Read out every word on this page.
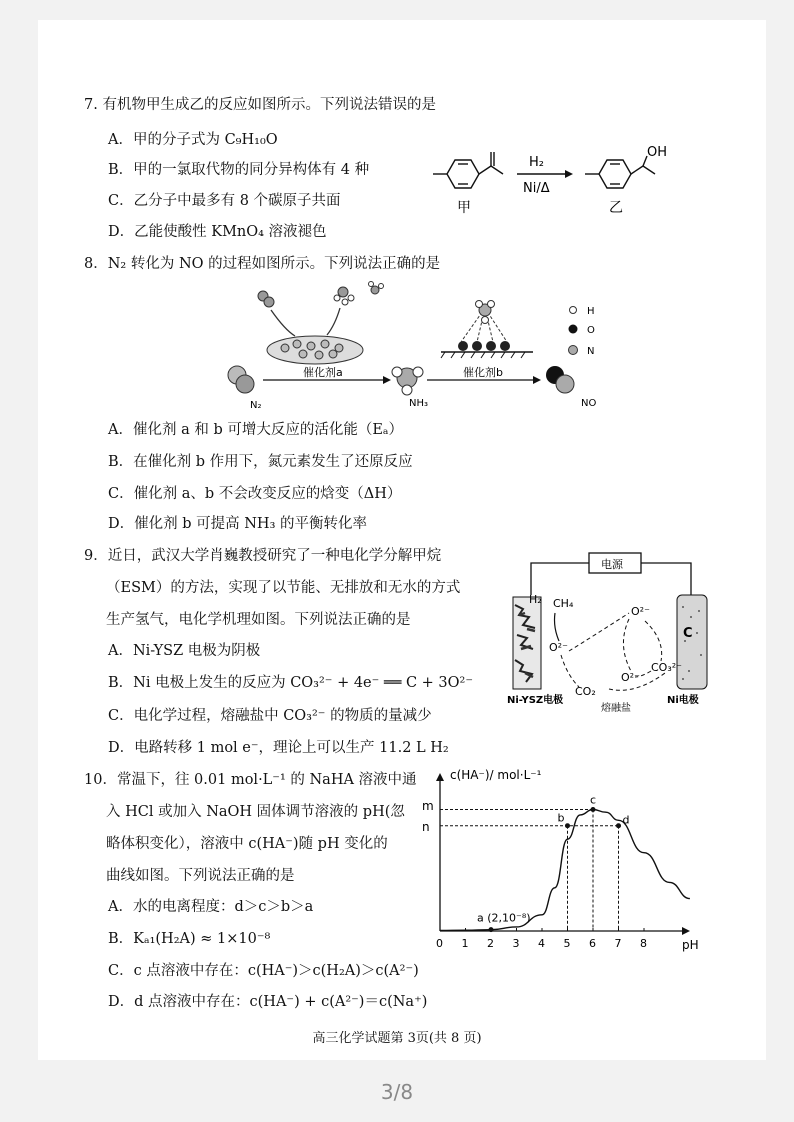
7. 有机物甲生成乙的反应如图所示。下列说法错误的是
A．甲的分子式为 C₉H₁₀O
B．甲的一氯取代物的同分异构体有 4 种
C．乙分子中最多有 8 个碳原子共面
D．乙能使酸性 KMnO₄ 溶液褪色
H₂
Ni/Δ
OH
甲	乙
8．N₂ 转化为 NO 的过程如图所示。下列说法正确的是
N₂
催化剂a
NH₃
催化剂b
NO
H
O
N
A．催化剂 a 和 b 可增大反应的活化能（Eₐ）
B．在催化剂 b 作用下，氮元素发生了还原反应
C．催化剂 a、b 不会改变反应的焓变（ΔH）
D．催化剂 b 可提高 NH₃ 的平衡转化率
9．近日，武汉大学肖巍教授研究了一种电化学分解甲烷
（ESM）的方法，实现了以节能、无排放和无水的方式
生产氢气，电化学机理如图。下列说法正确的是
A．Ni-YSZ 电极为阴极
B．Ni 电极上发生的反应为 CO₃²⁻ + 4e⁻ ══ C + 3O²⁻
C．电化学过程，熔融盐中 CO₃²⁻ 的物质的量减少
D．电路转移 1 mol e⁻，理论上可以生产 11.2 L H₂
电源
C
H₂ CH₄
O²⁻
O²⁻
O²⁻
CO₃²⁻
CO₂
Ni-YSZ电极	Ni电极
熔融盐
10．常温下，往 0.01 mol·L⁻¹ 的 NaHA 溶液中通
入 HCl 或加入 NaOH 固体调节溶液的 pH(忽
略体积变化），溶液中 c(HA⁻)随 pH 变化的
曲线如图。下列说法正确的是
A．水的电离程度：d＞c＞b＞a
B．Kₐ₁(H₂A) ≈ 1×10⁻⁸
C．c 点溶液中存在：c(HA⁻)＞c(H₂A)＞c(A²⁻)
D．d 点溶液中存在：c(HA⁻) + c(A²⁻)＝c(Na⁺)
c(HA⁻)/ mol·L⁻¹
pH
0 1 2 3 4 5 6 7 8
m
n
a (2,10⁻⁸)
b
c
d
高三化学试题第 3页(共 8 页)
3/8
